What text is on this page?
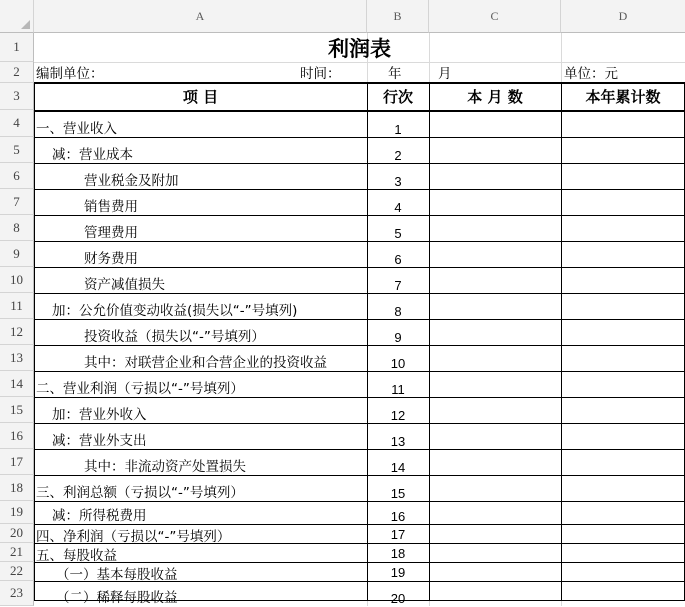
A	B	C	D
1
2
3
4
5
6
7
8
9
10
11
12
13
14
15
16
17
18
19
20
21
22
23
利润表
编制单位：	时间：	年	月	单位：元
项 目	行次	本 月 数	本年累计数
一、营业收入	1
减：营业成本	2
营业税金及附加	3
销售费用	4
管理费用	5
财务费用	6
资产减值损失	7
加：公允价值变动收益(损失以“-”号填列)	8
投资收益（损失以“-”号填列）	9
其中：对联营企业和合营企业的投资收益	10
二、营业利润（亏损以“-”号填列）	11
加：营业外收入	12
减：营业外支出	13
其中：非流动资产处置损失	14
三、利润总额（亏损以“-”号填列）	15
减：所得税费用	16
四、净利润（亏损以“-”号填列）	17
五、每股收益	18
（一）基本每股收益	19
（二）稀释每股收益	20
